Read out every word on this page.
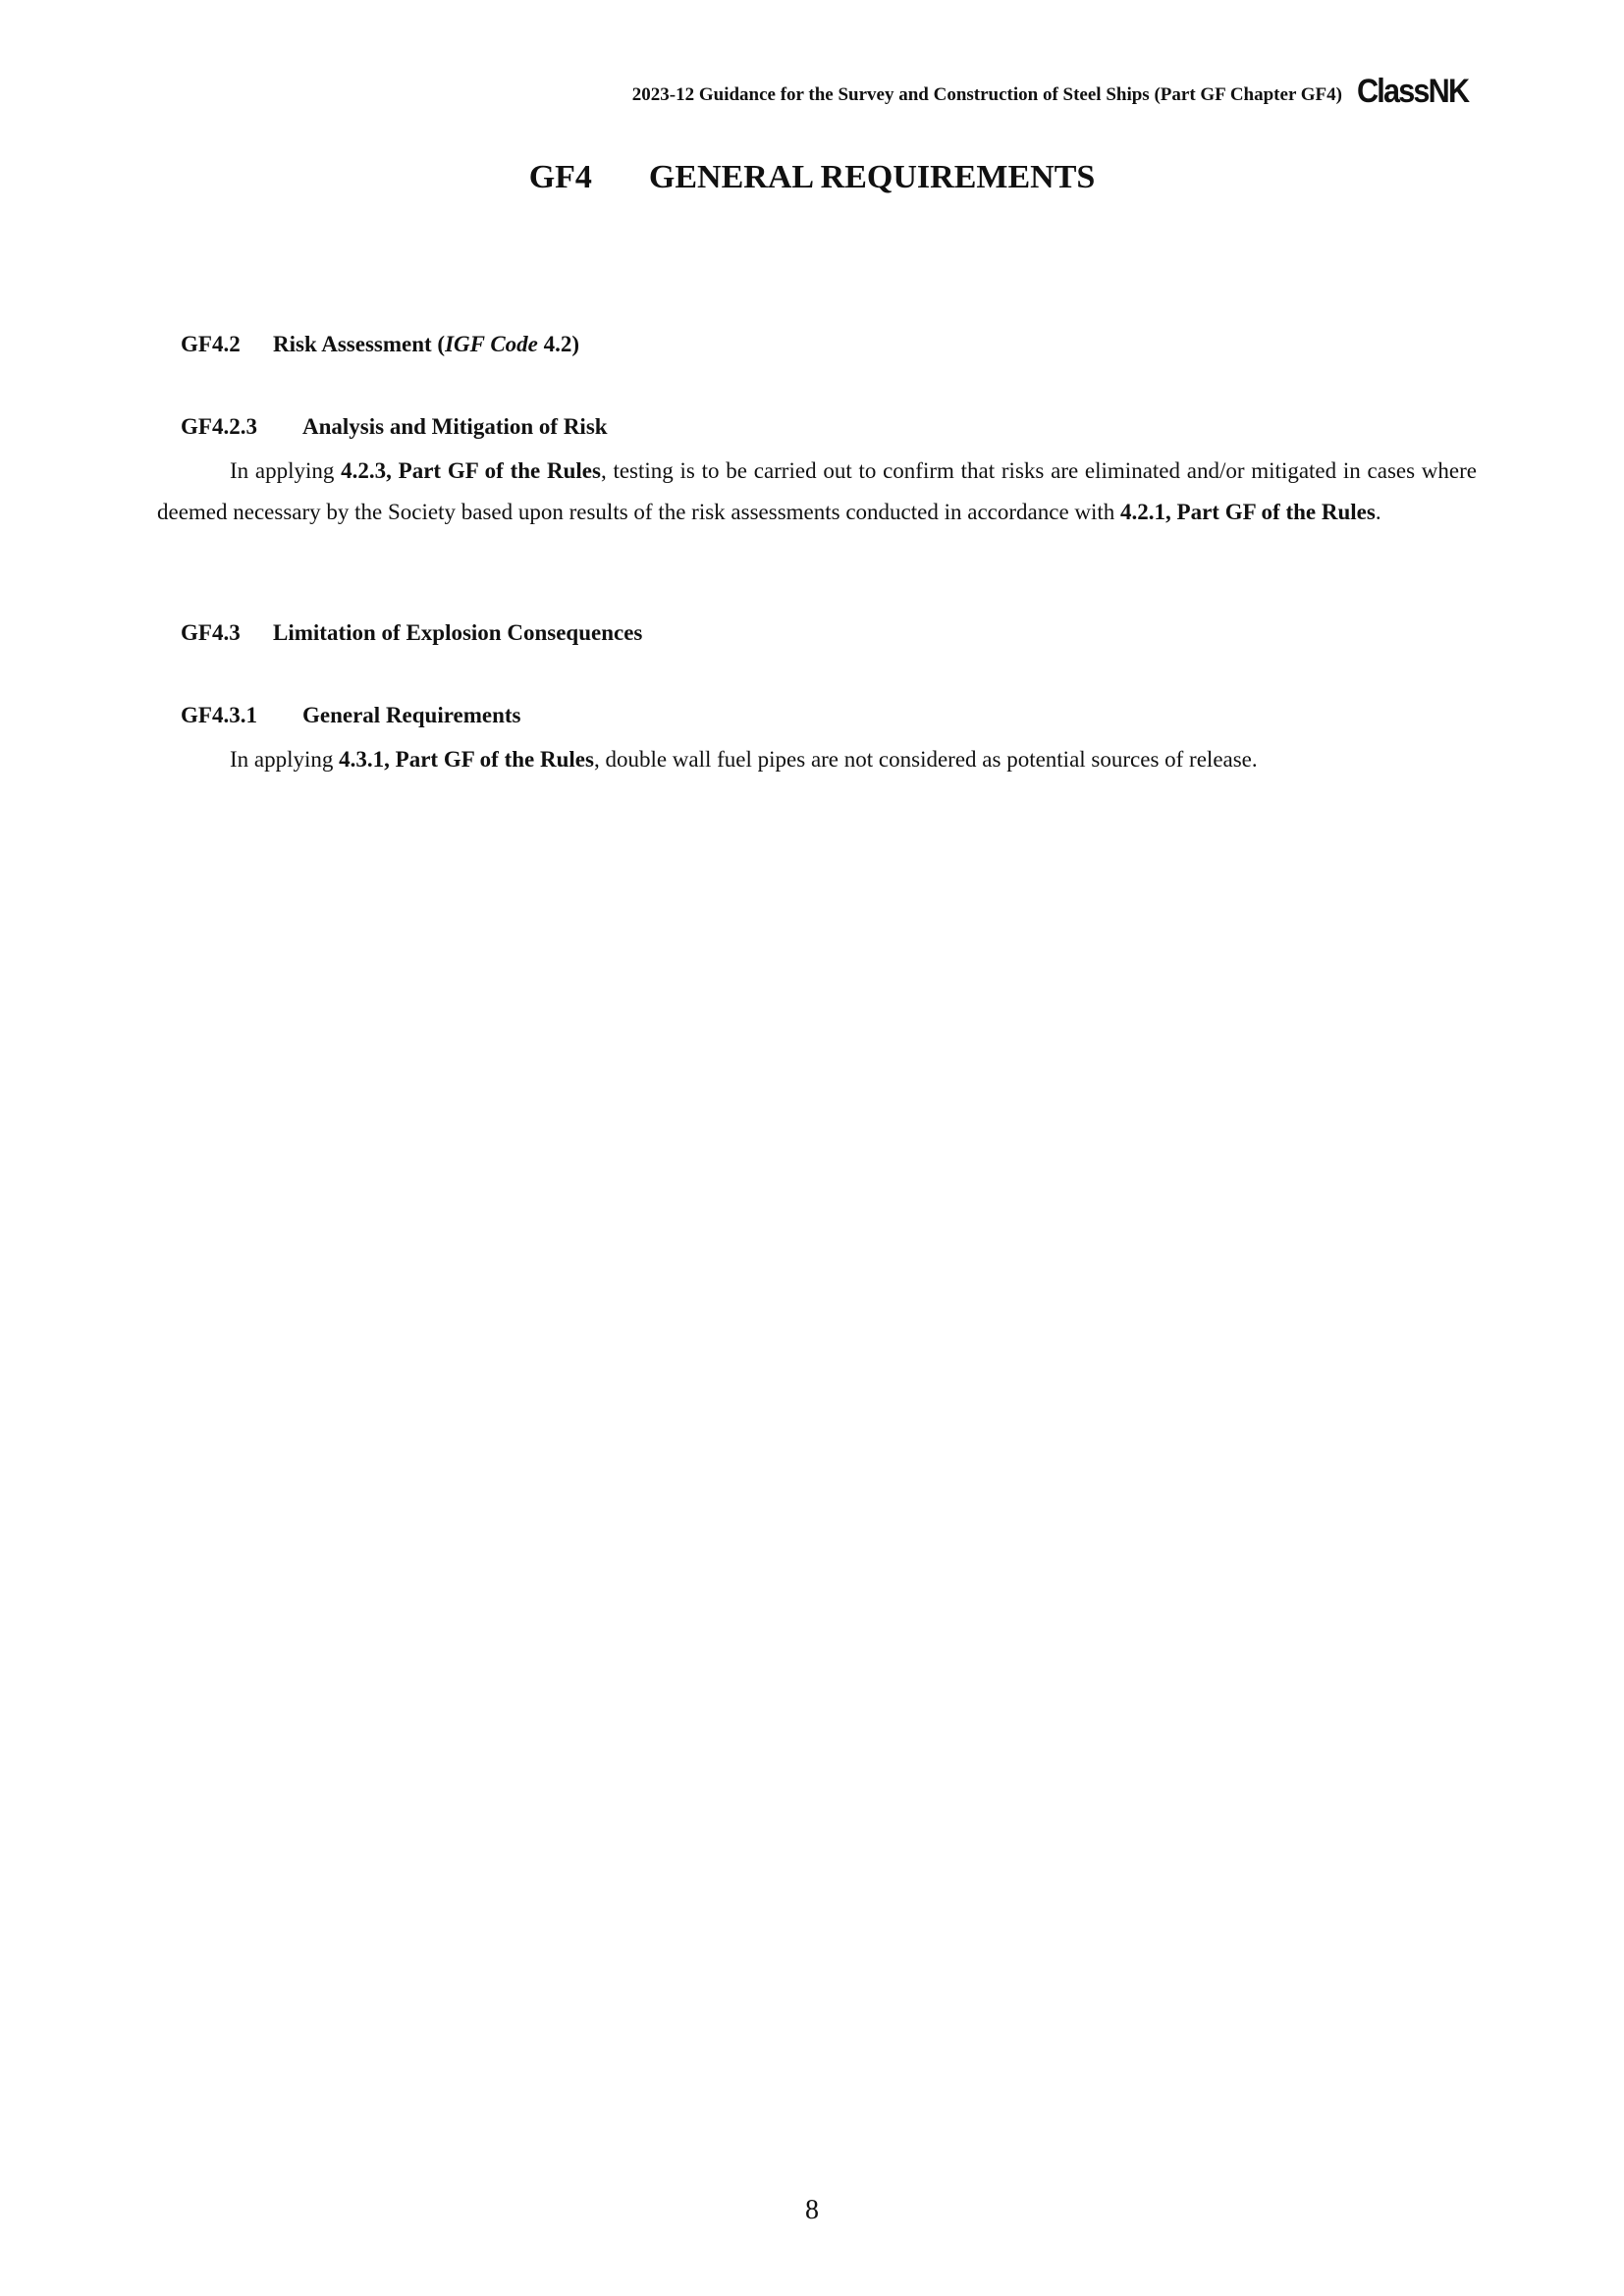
2023-12 Guidance for the Survey and Construction of Steel Ships (Part GF Chapter GF4) ClassNK
GF4 GENERAL REQUIREMENTS
GF4.2 Risk Assessment (IGF Code 4.2)
GF4.2.3 Analysis and Mitigation of Risk
In applying 4.2.3, Part GF of the Rules, testing is to be carried out to confirm that risks are eliminated and/or mitigated in cases where deemed necessary by the Society based upon results of the risk assessments conducted in accordance with 4.2.1, Part GF of the Rules.
GF4.3 Limitation of Explosion Consequences
GF4.3.1 General Requirements
In applying 4.3.1, Part GF of the Rules, double wall fuel pipes are not considered as potential sources of release.
8
